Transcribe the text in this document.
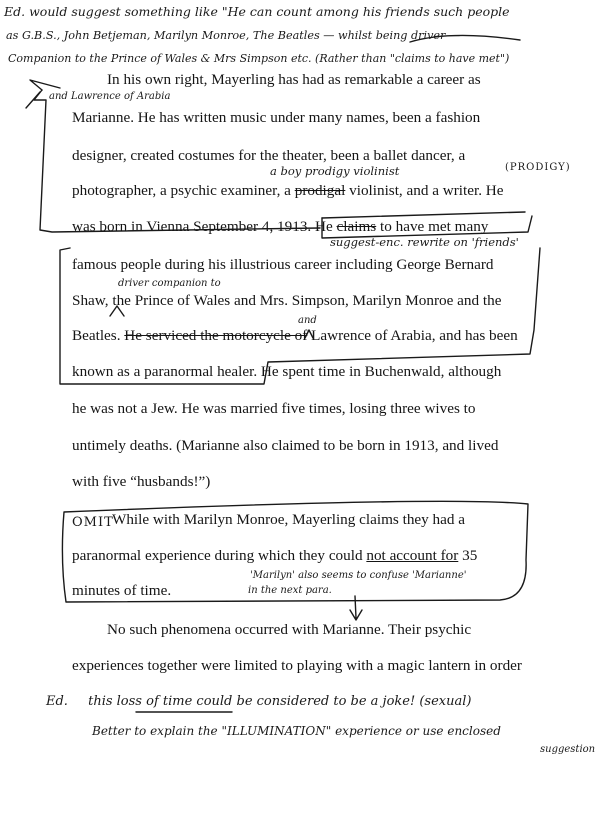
Ed. would suggest something like "He can count among his friends such people
as G.B.S., John Betjeman, Marilyn Monroe, The Beatles — whilst being driver —
Companion to the Prince of Wales & Mrs Simpson etc. (Rather than "claims to have met")
In his own right, Mayerling has had as remarkable a career as
and Lawrence of Arabia
Marianne. He has written music under many names, been a fashion
designer, created costumes for the theater, been a ballet dancer, a
a boy prodigy violinist	(PRODIGY)
photographer, a psychic examiner, a prodigal violinist, and a writer. He
was born in Vienna September 4, 1913. He claims to have met many
suggest-enc. rewrite on 'friends'
famous people during his illustrious career including George Bernard
driver companion to
Shaw, the Prince of Wales and Mrs. Simpson, Marilyn Monroe and the
and
Beatles. He serviced the motorcycle of Lawrence of Arabia, and has been
known as a paranormal healer. He spent time in Buchenwald, although
he was not a Jew. He was married five times, losing three wives to
untimely deaths. (Marianne also claimed to be born in 1913, and lived
with five “husbands!”)
OMIT
While with Marilyn Monroe, Mayerling claims they had a
paranormal experience during which they could not account for 35
'Marilyn' also seems to confuse 'Marianne'
minutes of time.	in the next para.
No such phenomena occurred with Marianne. Their psychic
experiences together were limited to playing with a magic lantern in order
Ed. this loss of time could be considered to be a joke! (sexual)
Better to explain the "ILLUMINATION" experience or use enclosed
suggestion
